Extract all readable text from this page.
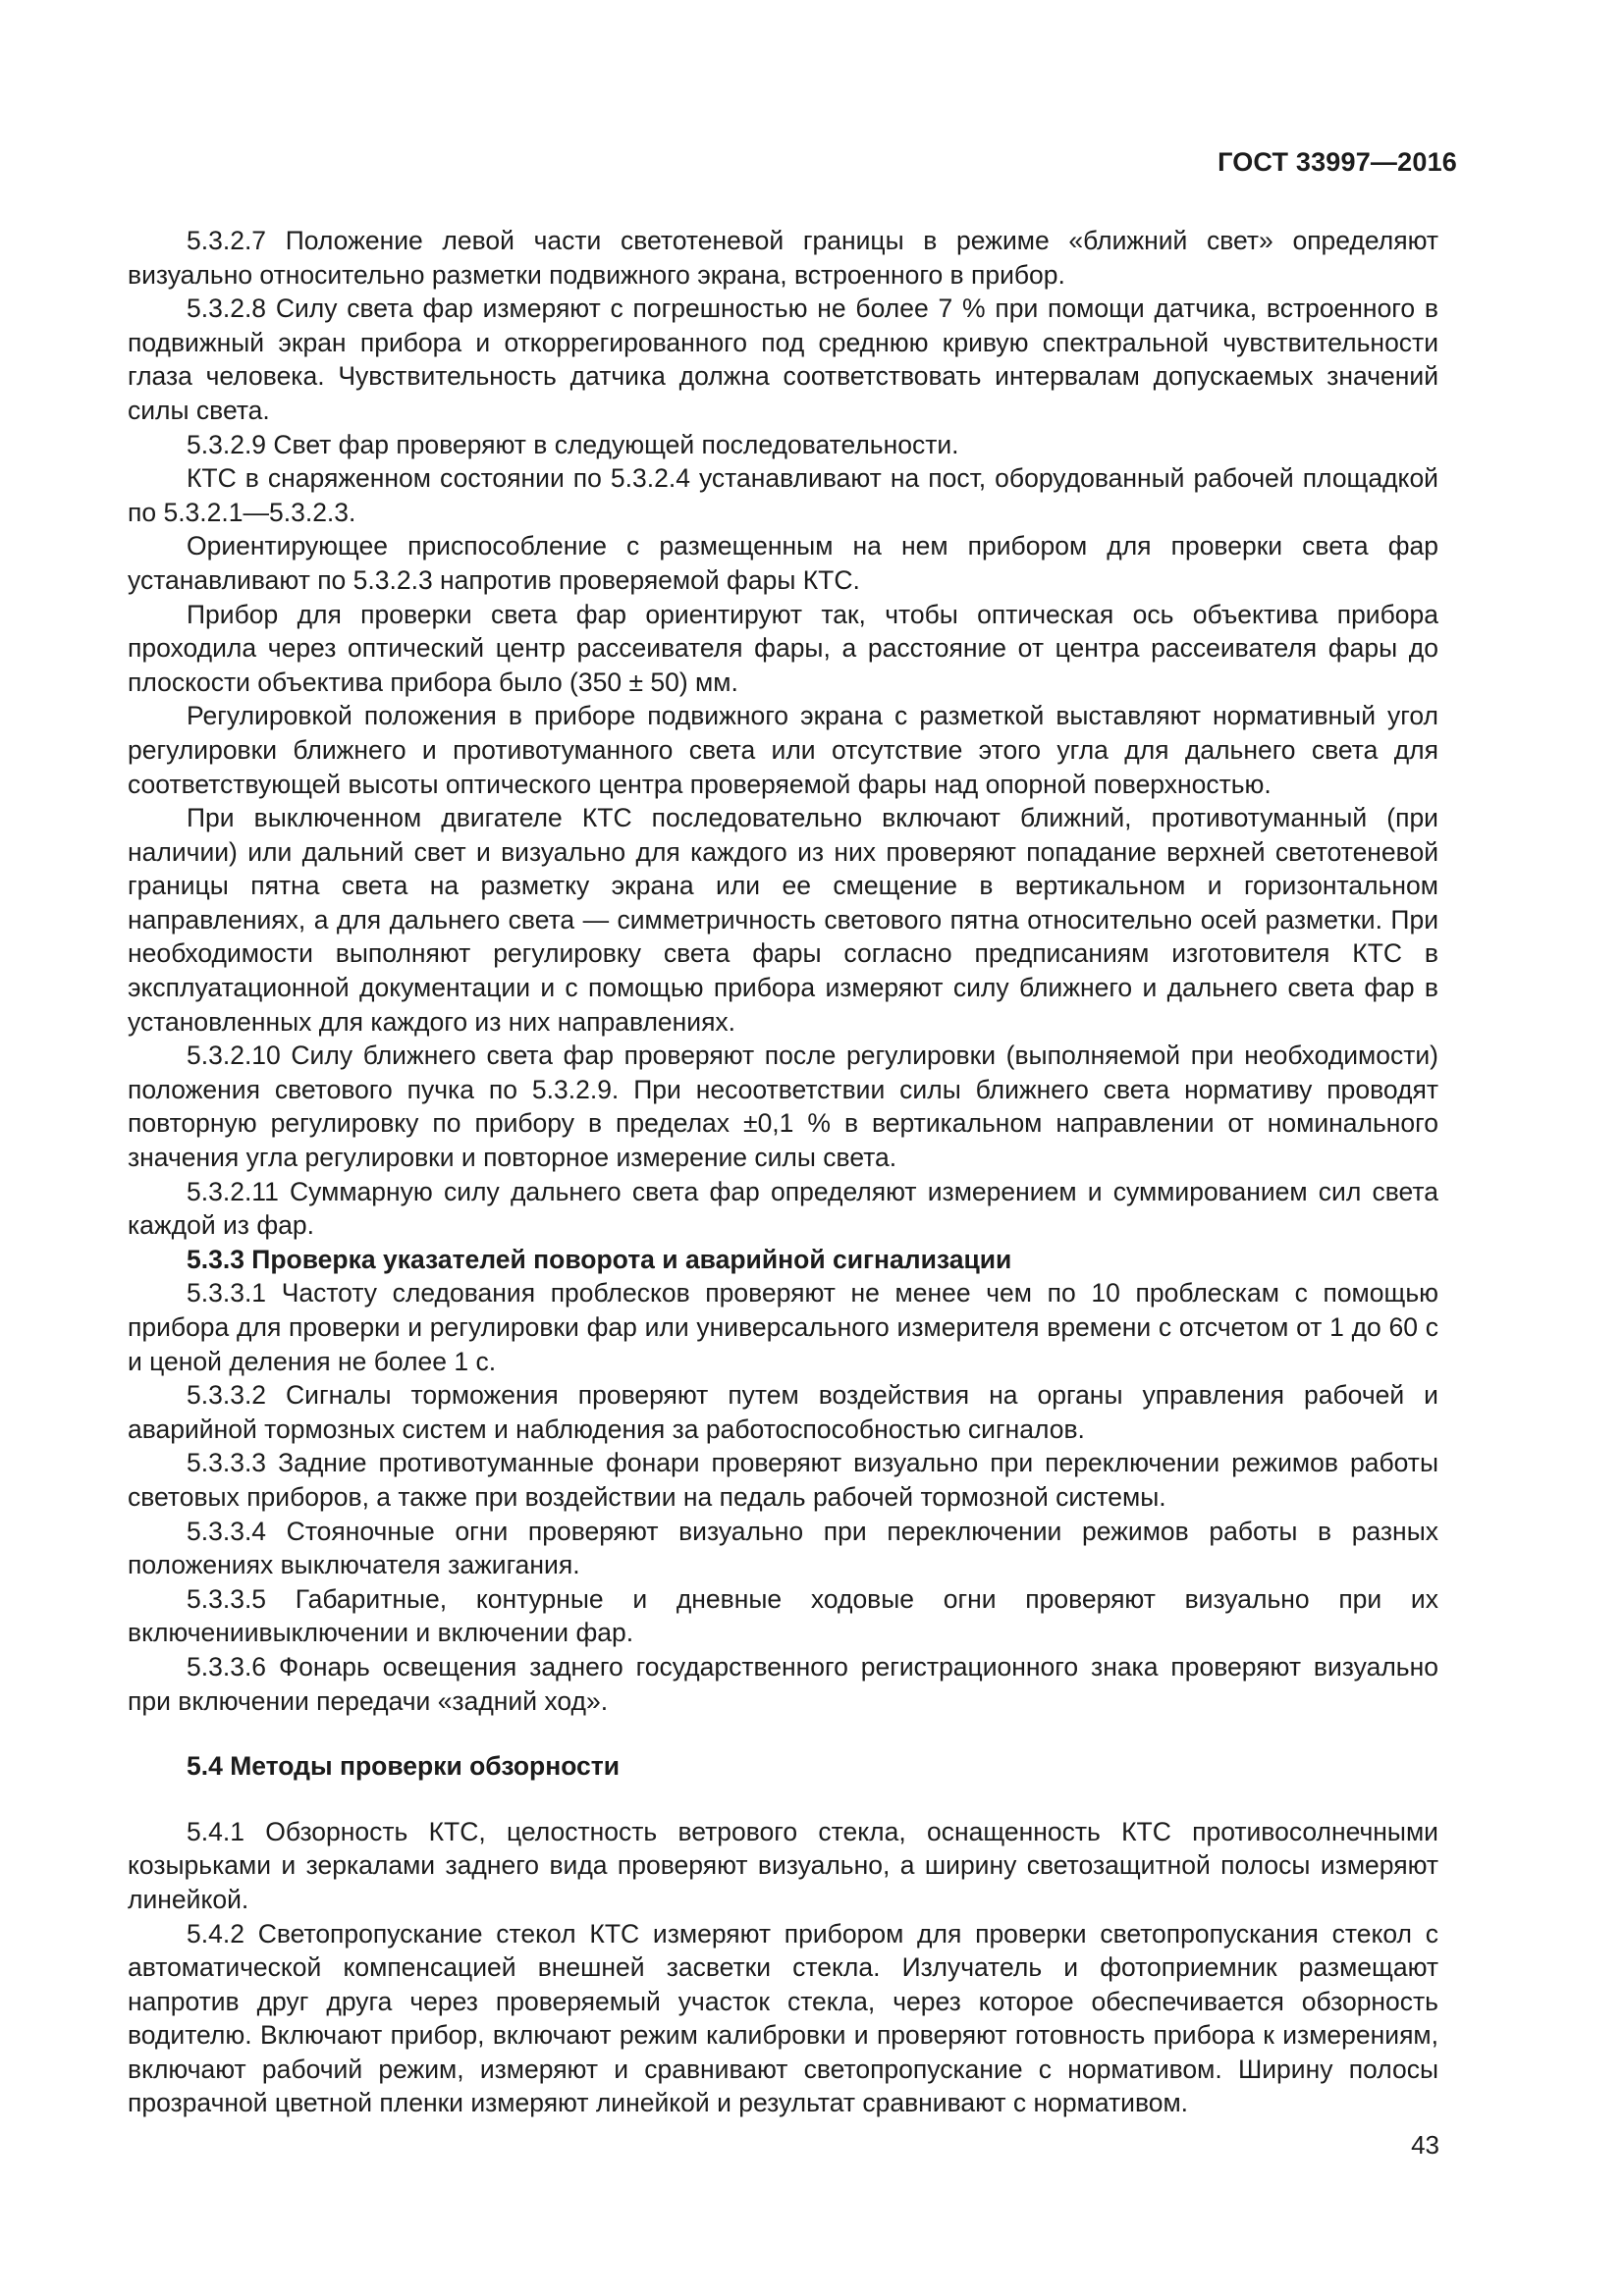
ГОСТ 33997—2016

5.3.2.7 Положение левой части светотеневой границы в режиме «ближний свет» определяют визуально относительно разметки подвижного экрана, встроенного в прибор.

5.3.2.8 Силу света фар измеряют с погрешностью не более 7 % при помощи датчика, встроенного в подвижный экран прибора и откоррегированного под среднюю кривую спектральной чувствительности глаза человека. Чувствительность датчика должна соответствовать интервалам допускаемых значений силы света.

5.3.2.9 Свет фар проверяют в следующей последовательности.

КТС в снаряженном состоянии по 5.3.2.4 устанавливают на пост, оборудованный рабочей площадкой по 5.3.2.1—5.3.2.3.

Ориентирующее приспособление с размещенным на нем прибором для проверки света фар устанавливают по 5.3.2.3 напротив проверяемой фары КТС.

Прибор для проверки света фар ориентируют так, чтобы оптическая ось объектива прибора проходила через оптический центр рассеивателя фары, а расстояние от центра рассеивателя фары до плоскости объектива прибора было (350 ± 50) мм.

Регулировкой положения в приборе подвижного экрана с разметкой выставляют нормативный угол регулировки ближнего и противотуманного света или отсутствие этого угла для дальнего света для соответствующей высоты оптического центра проверяемой фары над опорной поверхностью.

При выключенном двигателе КТС последовательно включают ближний, противотуманный (при наличии) или дальний свет и визуально для каждого из них проверяют попадание верхней светотеневой границы пятна света на разметку экрана или ее смещение в вертикальном и горизонтальном направлениях, а для дальнего света — симметричность светового пятна относительно осей разметки. При необходимости выполняют регулировку света фары согласно предписаниям изготовителя КТС в эксплуатационной документации и с помощью прибора измеряют силу ближнего и дальнего света фар в установленных для каждого из них направлениях.

5.3.2.10 Силу ближнего света фар проверяют после регулировки (выполняемой при необходимости) положения светового пучка по 5.3.2.9. При несоответствии силы ближнего света нормативу проводят повторную регулировку по прибору в пределах ±0,1 % в вертикальном направлении от номинального значения угла регулировки и повторное измерение силы света.

5.3.2.11 Суммарную силу дальнего света фар определяют измерением и суммированием сил света каждой из фар.

5.3.3 Проверка указателей поворота и аварийной сигнализации

5.3.3.1 Частоту следования проблесков проверяют не менее чем по 10 проблескам с помощью прибора для проверки и регулировки фар или универсального измерителя времени с отсчетом от 1 до 60 с и ценой деления не более 1 с.

5.3.3.2 Сигналы торможения проверяют путем воздействия на органы управления рабочей и аварийной тормозных систем и наблюдения за работоспособностью сигналов.

5.3.3.3 Задние противотуманные фонари проверяют визуально при переключении режимов работы световых приборов, а также при воздействии на педаль рабочей тормозной системы.

5.3.3.4 Стояночные огни проверяют визуально при переключении режимов работы в разных положениях выключателя зажигания.

5.3.3.5 Габаритные, контурные и дневные ходовые огни проверяют визуально при их включениивыключении и включении фар.

5.3.3.6 Фонарь освещения заднего государственного регистрационного знака проверяют визуально при включении передачи «задний ход».

5.4 Методы проверки обзорности

5.4.1 Обзорность КТС, целостность ветрового стекла, оснащенность КТС противосолнечными козырьками и зеркалами заднего вида проверяют визуально, а ширину светозащитной полосы измеряют линейкой.

5.4.2 Светопропускание стекол КТС измеряют прибором для проверки светопропускания стекол с автоматической компенсацией внешней засветки стекла. Излучатель и фотоприемник размещают напротив друг друга через проверяемый участок стекла, через которое обеспечивается обзорность водителю. Включают прибор, включают режим калибровки и проверяют готовность прибора к измерениям, включают рабочий режим, измеряют и сравнивают светопропускание с нормативом. Ширину полосы прозрачной цветной пленки измеряют линейкой и результат сравнивают с нормативом.

43
